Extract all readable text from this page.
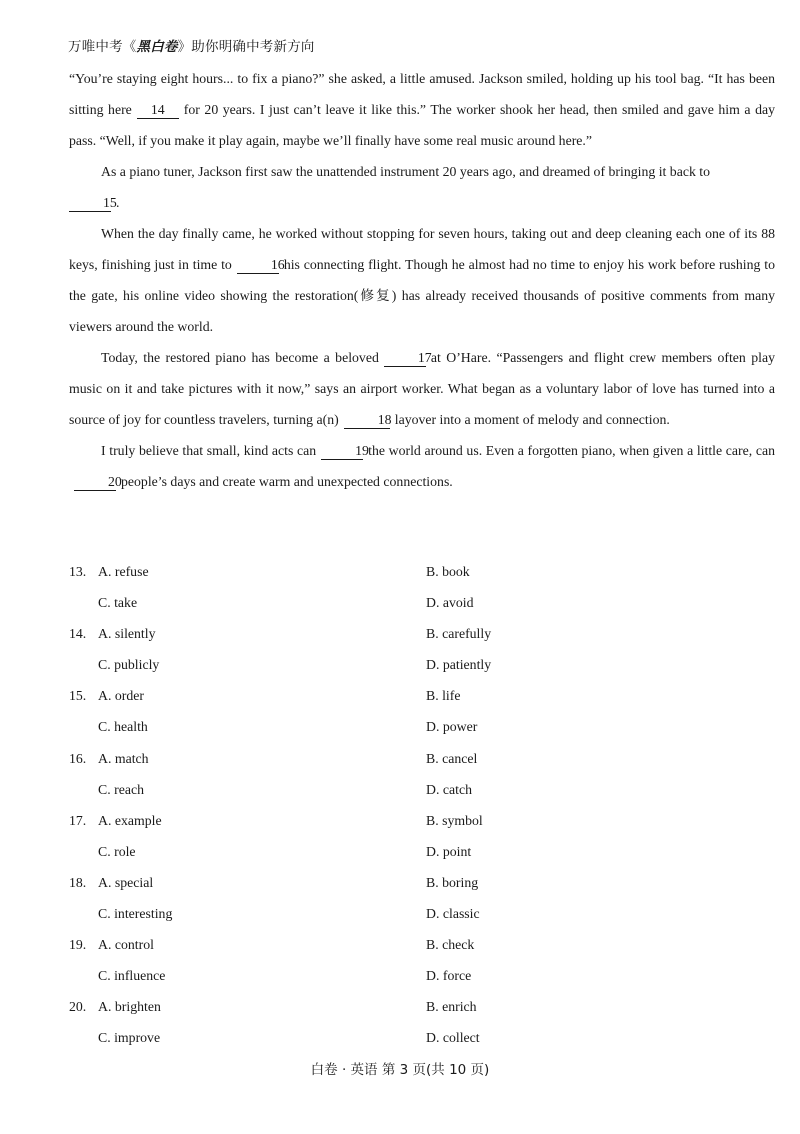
万唯中考《黑白卷》助你明确中考新方向

“You’re staying eight hours... to fix a piano?” she asked, a little amused. Jackson smiled, holding up his tool bag. “It has been sitting here 14 for 20 years. I just can’t leave it like this.” The worker shook her head, then smiled and gave him a day pass. “Well, if you make it play again, maybe we’ll finally have some real music around here.”

As a piano tuner, Jackson first saw the unattended instrument 20 years ago, and dreamed of bringing it back to
15.

When the day finally came, he worked without stopping for seven hours, taking out and deep cleaning each one of its 88 keys, finishing just in time to	16his connecting flight. Though he almost had no time to enjoy his work before rushing to the gate, his online video showing the restoration(修复) has already received thousands of positive comments from many viewers around the world.

Today, the restored piano has become a beloved	17at O’Hare. “Passengers and flight crew members often play music on it and take pictures with it now,” says an airport worker. What began as a voluntary labor of love has turned into a source of joy for countless travelers, turning a(n)	18 layover into a moment of melody and connection.

I truly believe that small, kind acts can	19the world around us. Even a forgotten piano, when given a little care, can20people’s days and create warm and unexpected connections.

13. A. refuse	B. book
C. take	D. avoid
14. A. silently	B. carefully
C. publicly	D. patiently
15. A. order	B. life
C. health	D. power
16. A. match	B. cancel
C. reach	D. catch
17. A. example	B. symbol
C. role	D. point
18. A. special	B. boring
C. interesting	D. classic
19. A. control	B. check
C. influence	D. force
20. A. brighten	B. enrich
C. improve	D. collect
白卷 · 英语 第 3 页(共 10 页)
